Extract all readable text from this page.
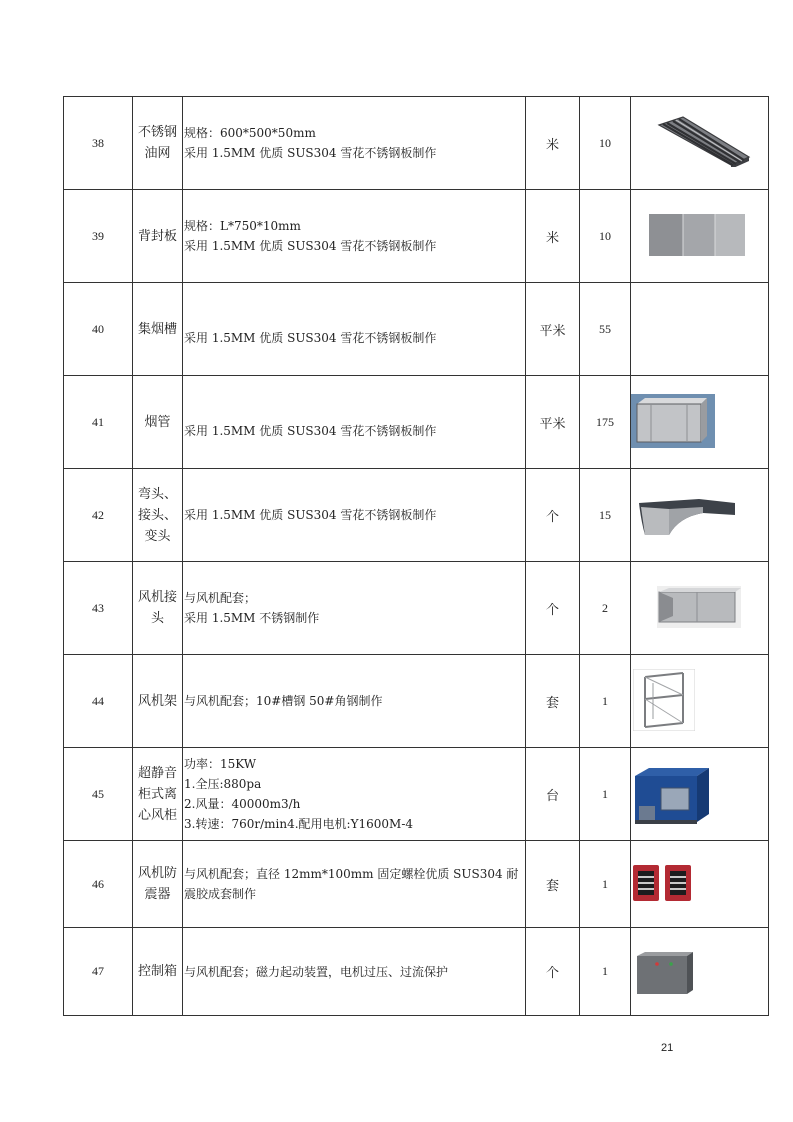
38	不锈钢油网	规格：600*500*50mm
采用 1.5MM 优质 SUS304 雪花不锈钢板制作	米	10	

39	背封板	规格：L*750*10mm
采用 1.5MM 优质 SUS304 雪花不锈钢板制作	米	10	

40	集烟槽	采用 1.5MM 优质 SUS304 雪花不锈钢板制作	平米	55	
41	烟管	采用 1.5MM 优质 SUS304 雪花不锈钢板制作	平米	175	

42	弯头、接头、变头	采用 1.5MM 优质 SUS304 雪花不锈钢板制作	个	15	

43	风机接头	与风机配套；
采用 1.5MM 不锈钢制作	个	2	

44	风机架	与风机配套；10#槽钢 50#角钢制作	套	1	

45	超静音柜式离心风柜	功率：15KW
1.全压:880pa
2.风量：40000m3/h
3.转速：760r/min4.配用电机:Y1600M-4	台	1	

46	风机防震器	与风机配套；直径 12mm*100mm 固定螺栓优质 SUS304 耐
震胶成套制作	套	1	

47	控制箱	与风机配套；磁力起动装置，电机过压、过流保护	个	1	
21
